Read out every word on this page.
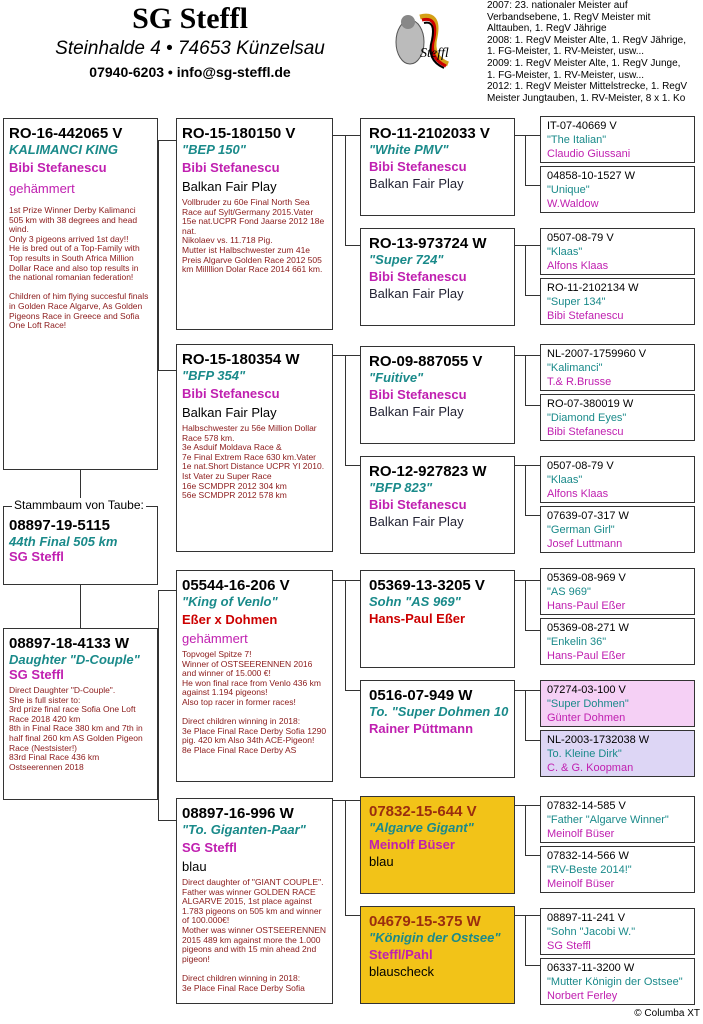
SG Steffl
Steinhalde 4 • 74653 Künzelsau
07940-6203 • info@sg-steffl.de
Steffl
2007: 23. nationaler Meister auf
Verbandsebene, 1. RegV Meister mit
Alttauben, 1. RegV Jährige
2008: 1. RegV Meister Alte, 1. RegV Jährige,
1. FG-Meister, 1. RV-Meister, usw...
2009: 1. RegV Meister Alte, 1. RegV Junge,
1. FG-Meister, 1. RV-Meister, usw...
2012: 1. RegV Meister Mittelstrecke, 1. RegV
Meister Jungtauben, 1. RV-Meister, 8 x 1. Ko
RO-16-442065 V
KALIMANCI KING
Bibi Stefanescu
gehämmert
1st Prize Winner Derby Kalimanci 505 km with 38 degrees and head wind.
Only 3 pigeons arrived 1st day!!
He is bred out of a Top-Family with Top results in South Africa Million Dollar Race and also top results in the national romanian federation!

Children of him flying succesful finals in Golden Race Algarve, As Golden Pigeons Race in Greece and Sofia One Loft Race!
Stammbaum von Taube:
08897-19-5115
44th Final 505 km
SG Steffl
08897-18-4133 W
Daughter "D-Couple"
SG Steffl
Direct Daughter "D-Couple".
She is full sister to:
3rd prize final race Sofia One Loft Race 2018 420 km
8th in Final Race 380 km and 7th in half final 260 km AS Golden Pigeon Race (Nestsister!)
83rd Final Race 436 km Ostseerennen 2018
RO-15-180150 V
"BEP 150"
Bibi Stefanescu
Balkan Fair Play
Vollbruder zu 60e Final North Sea Race auf Sylt/Germany 2015.Vater 15e nat.UCPR Fond Jaarse 2012 18e nat.
Nikolaev vs. 11.718 Pig.
Mutter ist Halbschwester zum 41e Preis Algarve Golden Race 2012 505 km Millllion Dolar Race 2014 661 km.
RO-15-180354 W
"BFP 354"
Bibi Stefanescu
Balkan Fair Play
Halbschwester zu 56e Million Dollar Race 578 km.
3e Asduif Moldava Race &
7e Final Extrem Race 630 km.Vater 1e nat.Short Distance UCPR YI 2010.
Ist Vater zu Super Race
16e SCMDPR 2012 304 km
56e SCMDPR 2012 578 km
05544-16-206 V
"King of Venlo"
Eßer x Dohmen
gehämmert
Topvogel Spitze 7!
Winner of OSTSEERENNEN 2016 and winner of 15.000 €!
He won final race from Venlo 436 km against 1.194 pigeons!
Also top racer in former races!

Direct children winning in 2018:
3e Place Final Race Derby Sofia 1290 pig. 420 km Also 34th ACE-Pigeon!
8e Place Final Race Derby AS
08897-16-996 W
"To. Giganten-Paar"
SG Steffl
blau
Direct daughter of "GIANT COUPLE".
Father was winner GOLDEN RACE ALGARVE 2015, 1st place against 1.783 pigeons on 505 km and winner of 100.000€!
Mother was winner OSTSEERENNEN 2015 489 km against more the 1.000 pigeons and with 15 min ahead 2nd pigeon!

Direct children winning in 2018:
3e Place Final Race Derby Sofia
RO-11-2102033 V
"White PMV"
Bibi Stefanescu
Balkan Fair Play
RO-13-973724 W
"Super 724"
Bibi Stefanescu
Balkan Fair Play
RO-09-887055 V
"Fuitive"
Bibi Stefanescu
Balkan Fair Play
RO-12-927823 W
"BFP 823"
Bibi Stefanescu
Balkan Fair Play
05369-13-3205 V
Sohn "AS 969"
Hans-Paul Eßer
0516-07-949 W
To. "Super Dohmen 10
Rainer Püttmann
07832-15-644 V
"Algarve Gigant"
Meinolf Büser
blau
04679-15-375 W
"Königin der Ostsee"
Steffl/Pahl
blauscheck
IT-07-40669 V
"The Italian"
Claudio Giussani
04858-10-1527 W
"Unique"
W.Waldow
0507-08-79 V
"Klaas"
Alfons Klaas
RO-11-2102134 W
"Super 134"
Bibi Stefanescu
NL-2007-1759960 V
"Kalimanci"
T.& R.Brusse
RO-07-380019 W
"Diamond Eyes"
Bibi Stefanescu
0507-08-79 V
"Klaas"
Alfons Klaas
07639-07-317 W
"German Girl"
Josef Luttmann
05369-08-969 V
"AS 969"
Hans-Paul Eßer
05369-08-271 W
"Enkelin 36"
Hans-Paul Eßer
07274-03-100 V
"Super Dohmen"
Günter Dohmen
NL-2003-1732038 W
To. Kleine Dirk"
C. & G. Koopman
07832-14-585 V
"Father "Algarve Winner"
Meinolf Büser
07832-14-566 W
"RV-Beste 2014!"
Meinolf Büser
08897-11-241 V
"Sohn "Jacobi W."
SG Steffl
06337-11-3200 W
"Mutter Königin der Ostsee"
Norbert Ferley
© Columba XT
